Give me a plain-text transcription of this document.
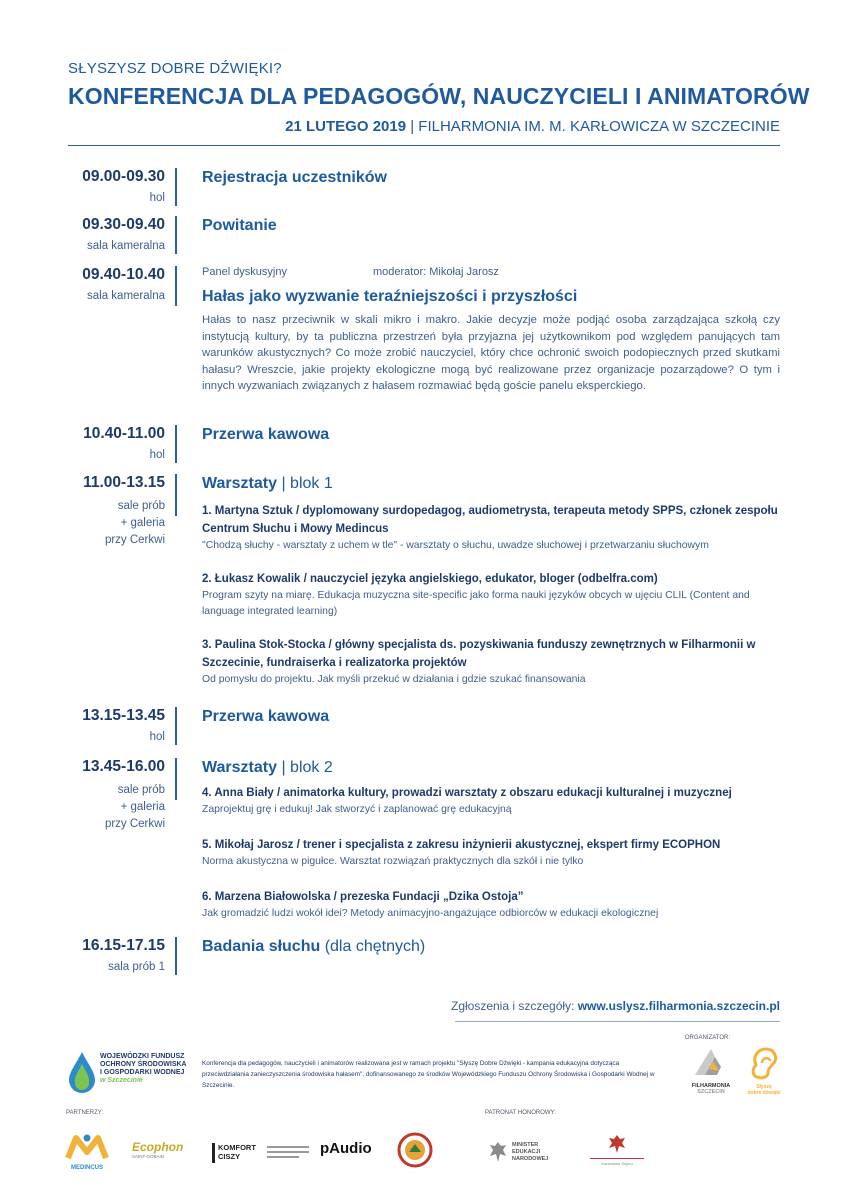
SŁYSZYSZ DOBRE DŹWIĘKI?
KONFERENCJA DLA PEDAGOGÓW, NAUCZYCIELI I ANIMATORÓW
21 LUTEGO 2019 | FILHARMONIA IM. M. KARŁOWICZA W SZCZECINIE
09.00-09.30
hol
Rejestracja uczestników
09.30-09.40
sala kameralna
Powitanie
09.40-10.40
sala kameralna
Panel dyskusyjny	moderator: Mikołaj Jarosz
Hałas jako wyzwanie teraźniejszości i przyszłości
Hałas to nasz przeciwnik w skali mikro i makro. Jakie decyzje może podjąć osoba zarządzająca szkołą czy instytucją kultury, by ta publiczna przestrzeń była przyjazna jej użytkownikom pod względem panujących tam warunków akustycznych? Co może zrobić nauczyciel, który chce ochronić swoich podopiecznych przed skutkami hałasu? Wreszcie, jakie projekty ekologiczne mogą być realizowane przez organizacje pozarządowe? O tym i innych wyzwaniach związanych z hałasem rozmawiać będą goście panelu eksperckiego.
10.40-11.00
hol
Przerwa kawowa
11.00-13.15
sale prób
+ galeria
przy Cerkwi
Warsztaty | blok 1
1. Martyna Sztuk / dyplomowany surdopedagog, audiometrysta, terapeuta metody SPPS, członek zespołu Centrum Słuchu i Mowy Medincus
"Chodzą słuchy - warsztaty z uchem w tle" - warsztaty o słuchu, uwadze słuchowej i przetwarzaniu słuchowym
2. Łukasz Kowalik / nauczyciel języka angielskiego, edukator, bloger (odbelfra.com)
Program szyty na miarę. Edukacja muzyczna site-specific jako forma nauki języków obcych w ujęciu CLIL (Content and language integrated learning)
3. Paulina Stok-Stocka / główny specjalista ds. pozyskiwania funduszy zewnętrznych w Filharmonii w Szczecinie, fundraiserka i realizatorka projektów
Od pomysłu do projektu. Jak myśli przekuć w działania i gdzie szukać finansowania
13.15-13.45
hol
Przerwa kawowa
13.45-16.00
sale prób
+ galeria
przy Cerkwi
Warsztaty | blok 2
4. Anna Biały / animatorka kultury, prowadzi warsztaty z obszaru edukacji kulturalnej i muzycznej
Zaprojektuj grę i edukuj! Jak stworzyć i zaplanować grę edukacyjną
5. Mikołaj Jarosz / trener i specjalista z zakresu inżynierii akustycznej, ekspert firmy ECOPHON
Norma akustyczna w pigułce. Warsztat rozwiązań praktycznych dla szkół i nie tylko
6. Marzena Białowolska / prezeska Fundacji „Dzika Ostoja”
Jak gromadzić ludzi wokół idei? Metody animacyjno-angażujące odbiorców w edukacji ekologicznej
16.15-17.15
sala prób 1
Badania słuchu (dla chętnych)
Zgłoszenia i szczegóły: www.uslysz.filharmonia.szczecin.pl
ORGANIZATOR:
WOJEWÓDZKI FUNDUSZ
OCHRONY ŚRODOWISKA
I GOSPODARKI WODNEJ
w Szczecinie
Konferencja dla pedagogów, nauczycieli i animatorów realizowana jest w ramach projektu "Słyszę Dobre Dźwięki - kampania edukacyjna dotycząca przeciwdziałania zanieczyszczenia środowiska hałasem", dofinansowanego ze środków Wojewódzkiego Funduszu Ochrony Środowiska i Gospodarki Wodnej w Szczecinie.	FILHARMONIA
SZCZECIN
Słyszę
dobre dźwięki
PARTNERZY:	PATRONAT HONOROWY:
MEDINCUS
Ecophon
SAINT-GOBAIN
KOMFORT CISZY	pAudio	MINISTER EDUKACJI NARODOWEJ
Kancelaria Sejmu
